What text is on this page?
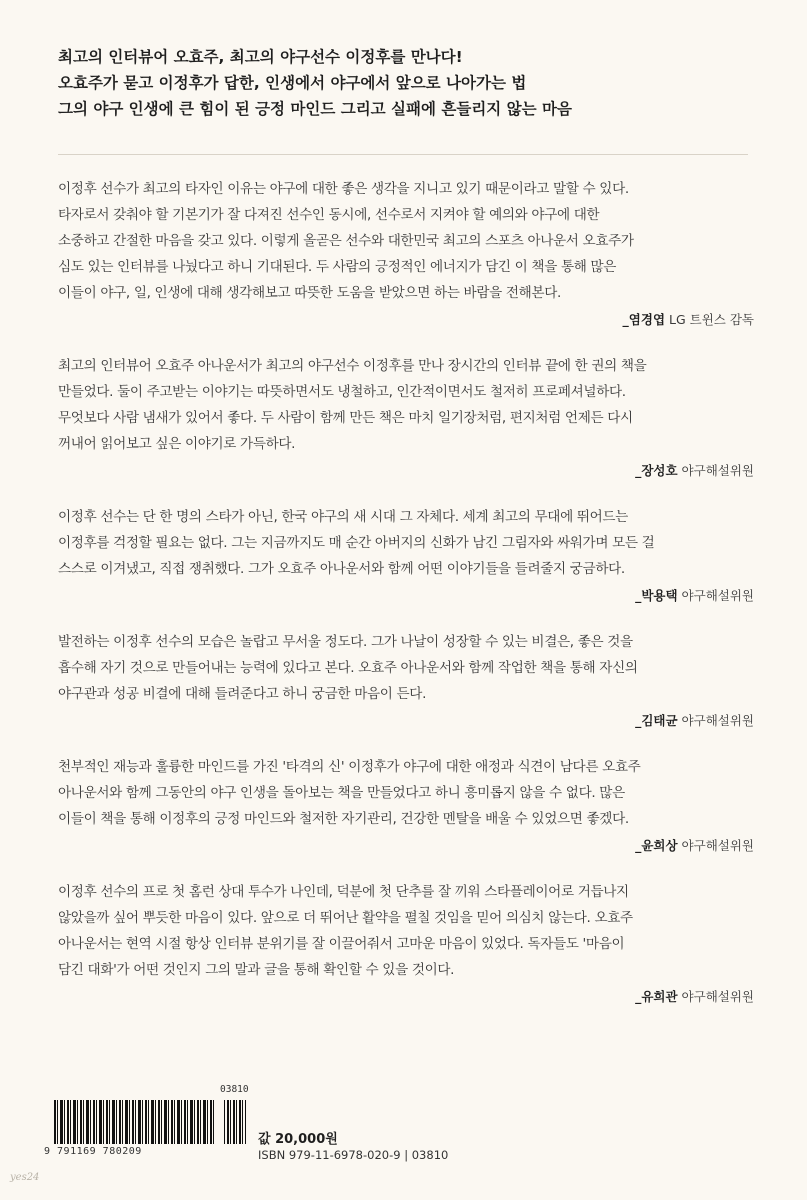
최고의 인터뷰어 오효주, 최고의 야구선수 이정후를 만나다!
오효주가 묻고 이정후가 답한, 인생에서 야구에서 앞으로 나아가는 법
그의 야구 인생에 큰 힘이 된 긍정 마인드 그리고 실패에 흔들리지 않는 마음

이정후 선수가 최고의 타자인 이유는 야구에 대한 좋은 생각을 지니고 있기 때문이라고 말할 수 있다.

타자로서 갖춰야 할 기본기가 잘 다져진 선수인 동시에, 선수로서 지켜야 할 예의와 야구에 대한

소중하고 간절한 마음을 갖고 있다. 이렇게 올곧은 선수와 대한민국 최고의 스포츠 아나운서 오효주가

심도 있는 인터뷰를 나눴다고 하니 기대된다. 두 사람의 긍정적인 에너지가 담긴 이 책을 통해 많은

이들이 야구, 일, 인생에 대해 생각해보고 따뜻한 도움을 받았으면 하는 바람을 전해본다.

_염경엽 LG 트윈스 감독

최고의 인터뷰어 오효주 아나운서가 최고의 야구선수 이정후를 만나 장시간의 인터뷰 끝에 한 권의 책을

만들었다. 둘이 주고받는 이야기는 따뜻하면서도 냉철하고, 인간적이면서도 철저히 프로페셔널하다.

무엇보다 사람 냄새가 있어서 좋다. 두 사람이 함께 만든 책은 마치 일기장처럼, 편지처럼 언제든 다시

꺼내어 읽어보고 싶은 이야기로 가득하다.

_장성호 야구해설위원

이정후 선수는 단 한 명의 스타가 아닌, 한국 야구의 새 시대 그 자체다. 세계 최고의 무대에 뛰어드는

이정후를 걱정할 필요는 없다. 그는 지금까지도 매 순간 아버지의 신화가 남긴 그림자와 싸워가며 모든 걸

스스로 이겨냈고, 직접 쟁취했다. 그가 오효주 아나운서와 함께 어떤 이야기들을 들려줄지 궁금하다.

_박용택 야구해설위원

발전하는 이정후 선수의 모습은 놀랍고 무서울 정도다. 그가 나날이 성장할 수 있는 비결은, 좋은 것을

흡수해 자기 것으로 만들어내는 능력에 있다고 본다. 오효주 아나운서와 함께 작업한 책을 통해 자신의

야구관과 성공 비결에 대해 들려준다고 하니 궁금한 마음이 든다.

_김태균 야구해설위원

천부적인 재능과 훌륭한 마인드를 가진 '타격의 신' 이정후가 야구에 대한 애정과 식견이 남다른 오효주

아나운서와 함께 그동안의 야구 인생을 돌아보는 책을 만들었다고 하니 흥미롭지 않을 수 없다. 많은

이들이 책을 통해 이정후의 긍정 마인드와 철저한 자기관리, 건강한 멘탈을 배울 수 있었으면 좋겠다.

_윤희상 야구해설위원

이정후 선수의 프로 첫 홈런 상대 투수가 나인데, 덕분에 첫 단추를 잘 끼워 스타플레이어로 거듭나지

않았을까 싶어 뿌듯한 마음이 있다. 앞으로 더 뛰어난 활약을 펼칠 것임을 믿어 의심치 않는다. 오효주

아나운서는 현역 시절 항상 인터뷰 분위기를 잘 이끌어줘서 고마운 마음이 있었다. 독자들도 '마음이

담긴 대화'가 어떤 것인지 그의 말과 글을 통해 확인할 수 있을 것이다.

_유희관 야구해설위원
03810
9 791169 780209
값 20,000원
ISBN 979-11-6978-020-9 | 03810
yes24
